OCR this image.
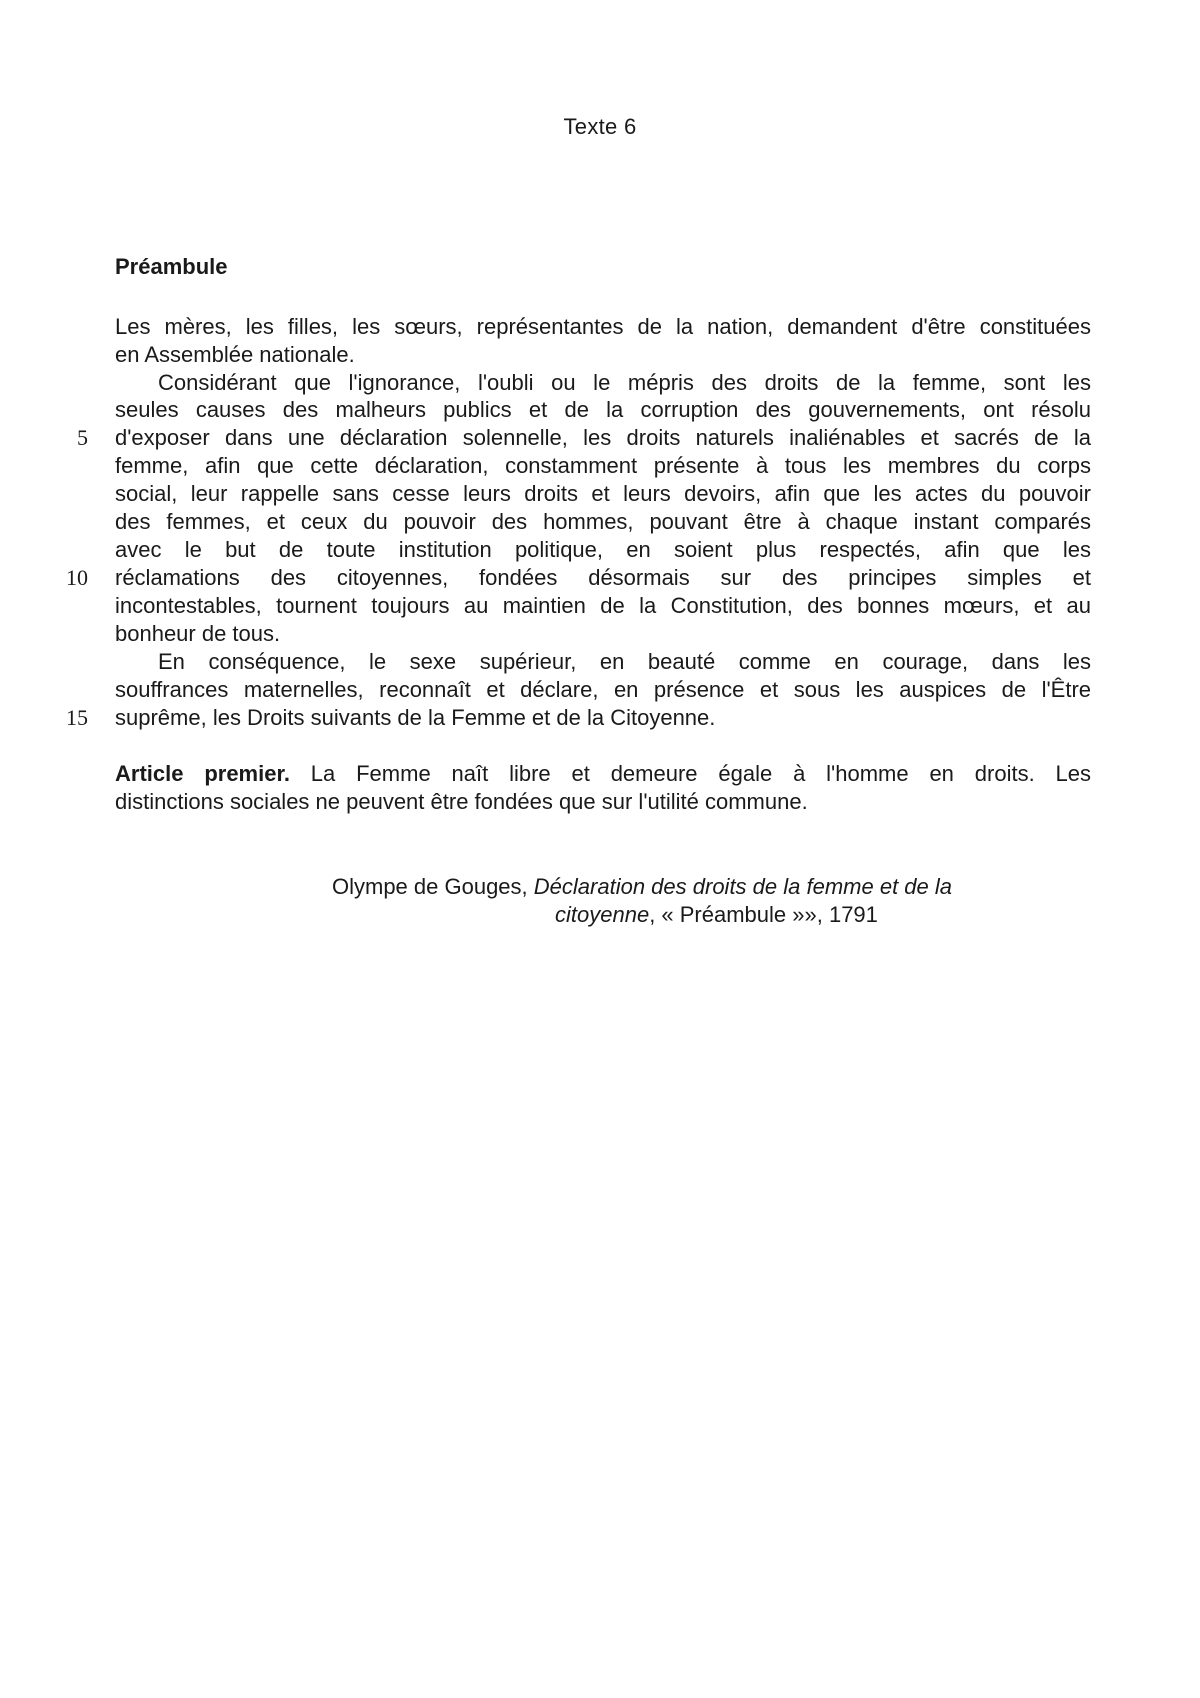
Texte 6
Préambule
Les mères, les filles, les sœurs, représentantes de la nation, demandent d'être constituées
en Assemblée nationale.
Considérant que l'ignorance, l'oubli ou le mépris des droits de la femme, sont les
seules causes des malheurs publics et de la corruption des gouvernements, ont résolu
d'exposer dans une déclaration solennelle, les droits naturels inaliénables et sacrés de la
femme, afin que cette déclaration, constamment présente à tous les membres du corps
social, leur rappelle sans cesse leurs droits et leurs devoirs, afin que les actes du pouvoir
des femmes, et ceux du pouvoir des hommes, pouvant être à chaque instant comparés
avec le but de toute institution politique, en soient plus respectés, afin que les
réclamations des citoyennes, fondées désormais sur des principes simples et
incontestables, tournent toujours au maintien de la Constitution, des bonnes mœurs, et au
bonheur de tous.
En conséquence, le sexe supérieur, en beauté comme en courage, dans les
souffrances maternelles, reconnaît et déclare, en présence et sous les auspices de l'Être
suprême, les Droits suivants de la Femme et de la Citoyenne.
5
10
15
Article premier. La Femme naît libre et demeure égale à l'homme en droits. Les
distinctions sociales ne peuvent être fondées que sur l'utilité commune.
Olympe de Gouges, Déclaration des droits de la femme et de la
citoyenne, « Préambule »», 1791
